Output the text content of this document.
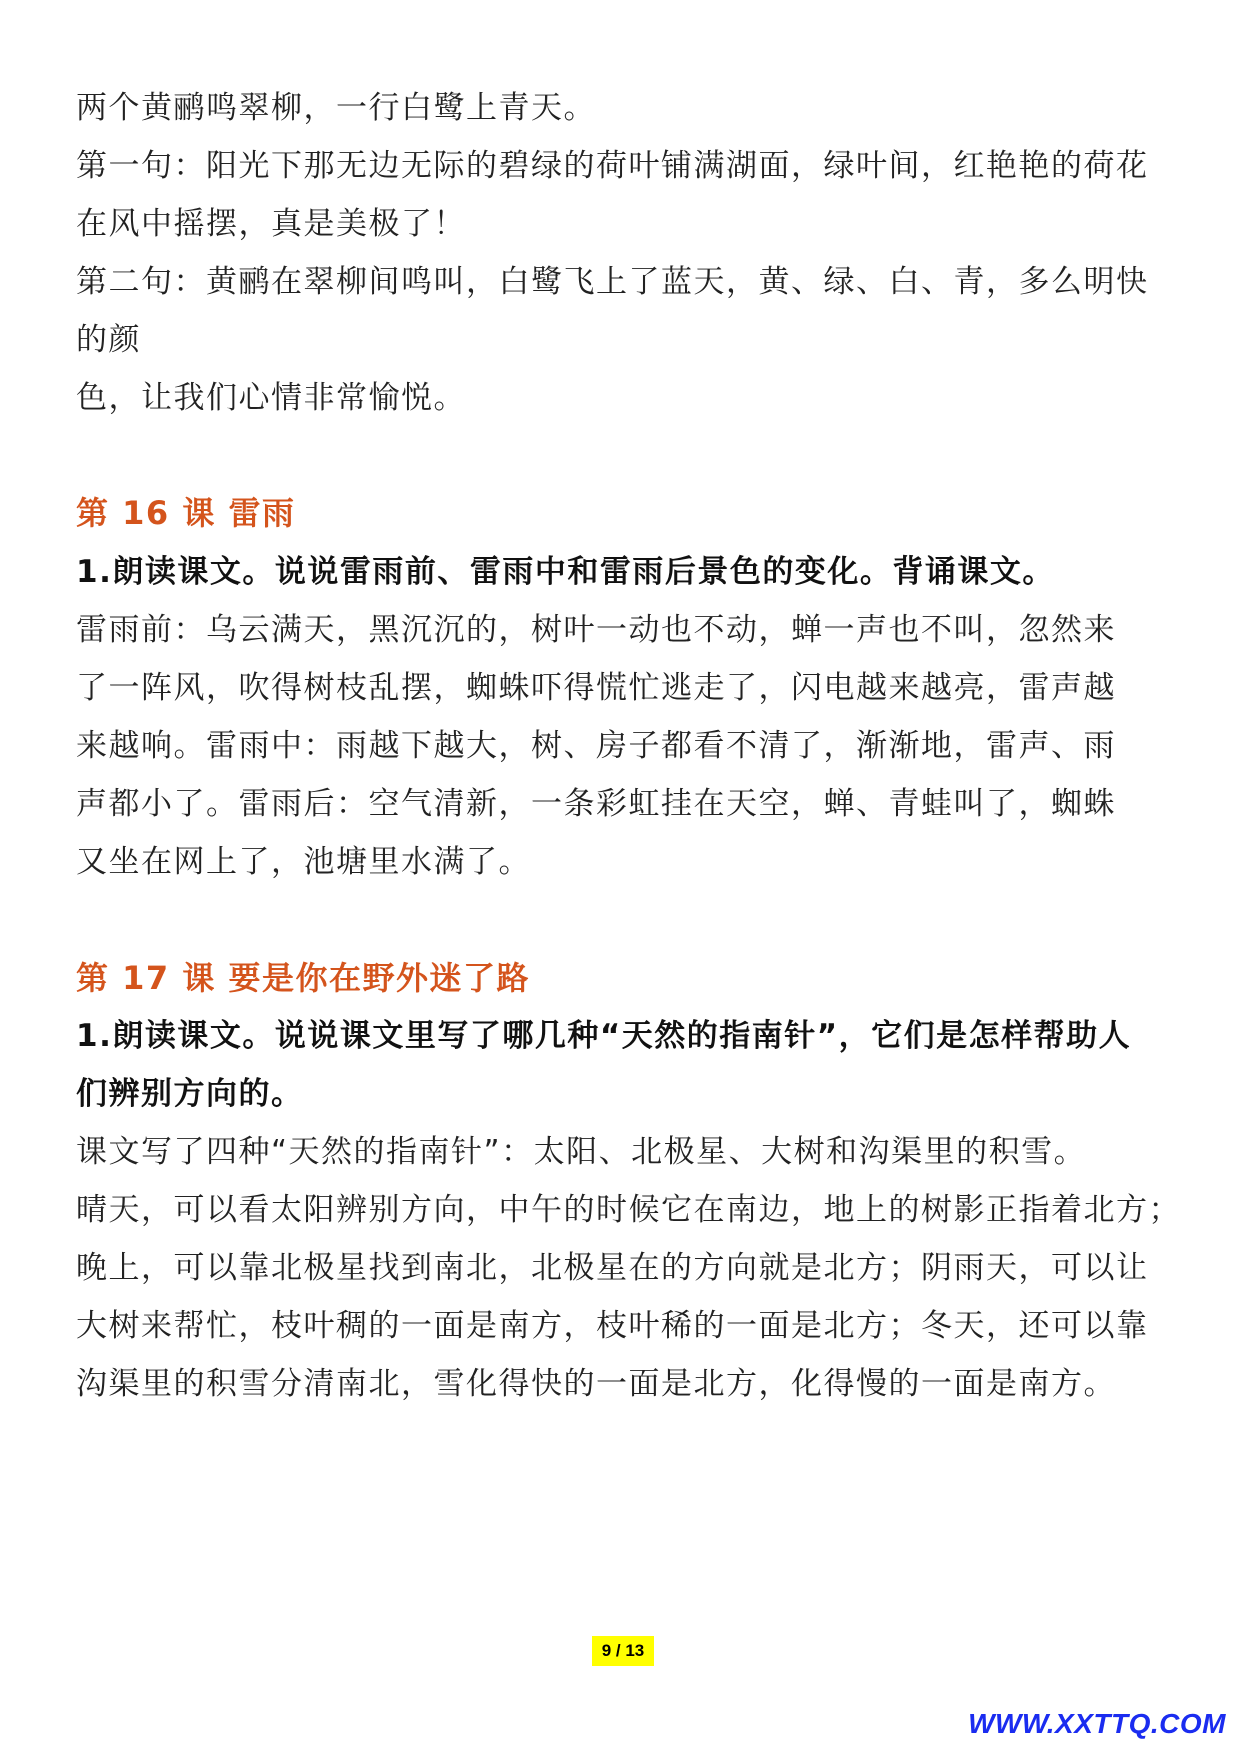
两个黄鹂鸣翠柳，一行白鹭上青天。
第一句：阳光下那无边无际的碧绿的荷叶铺满湖面，绿叶间，红艳艳的荷花
在风中摇摆，真是美极了！
第二句：黄鹂在翠柳间鸣叫，白鹭飞上了蓝天，黄、绿、白、青，多么明快
的颜
色，让我们心情非常愉悦。
第 16 课 雷雨
1.朗读课文。说说雷雨前、雷雨中和雷雨后景色的变化。背诵课文。
雷雨前：乌云满天，黑沉沉的，树叶一动也不动，蝉一声也不叫，忽然来
了一阵风，吹得树枝乱摆，蜘蛛吓得慌忙逃走了，闪电越来越亮，雷声越
来越响。雷雨中：雨越下越大，树、房子都看不清了，渐渐地，雷声、雨
声都小了。雷雨后：空气清新，一条彩虹挂在天空，蝉、青蛙叫了，蜘蛛
又坐在网上了，池塘里水满了。
第 17 课 要是你在野外迷了路
1.朗读课文。说说课文里写了哪几种“天然的指南针”，它们是怎样帮助人
们辨别方向的。
课文写了四种“天然的指南针”：太阳、北极星、大树和沟渠里的积雪。
晴天，可以看太阳辨别方向，中午的时候它在南边，地上的树影正指着北方；
晚上，可以靠北极星找到南北，北极星在的方向就是北方；阴雨天，可以让
大树来帮忙，枝叶稠的一面是南方，枝叶稀的一面是北方；冬天，还可以靠
沟渠里的积雪分清南北，雪化得快的一面是北方，化得慢的一面是南方。
9 / 13
WWW.XXTTQ.COM
